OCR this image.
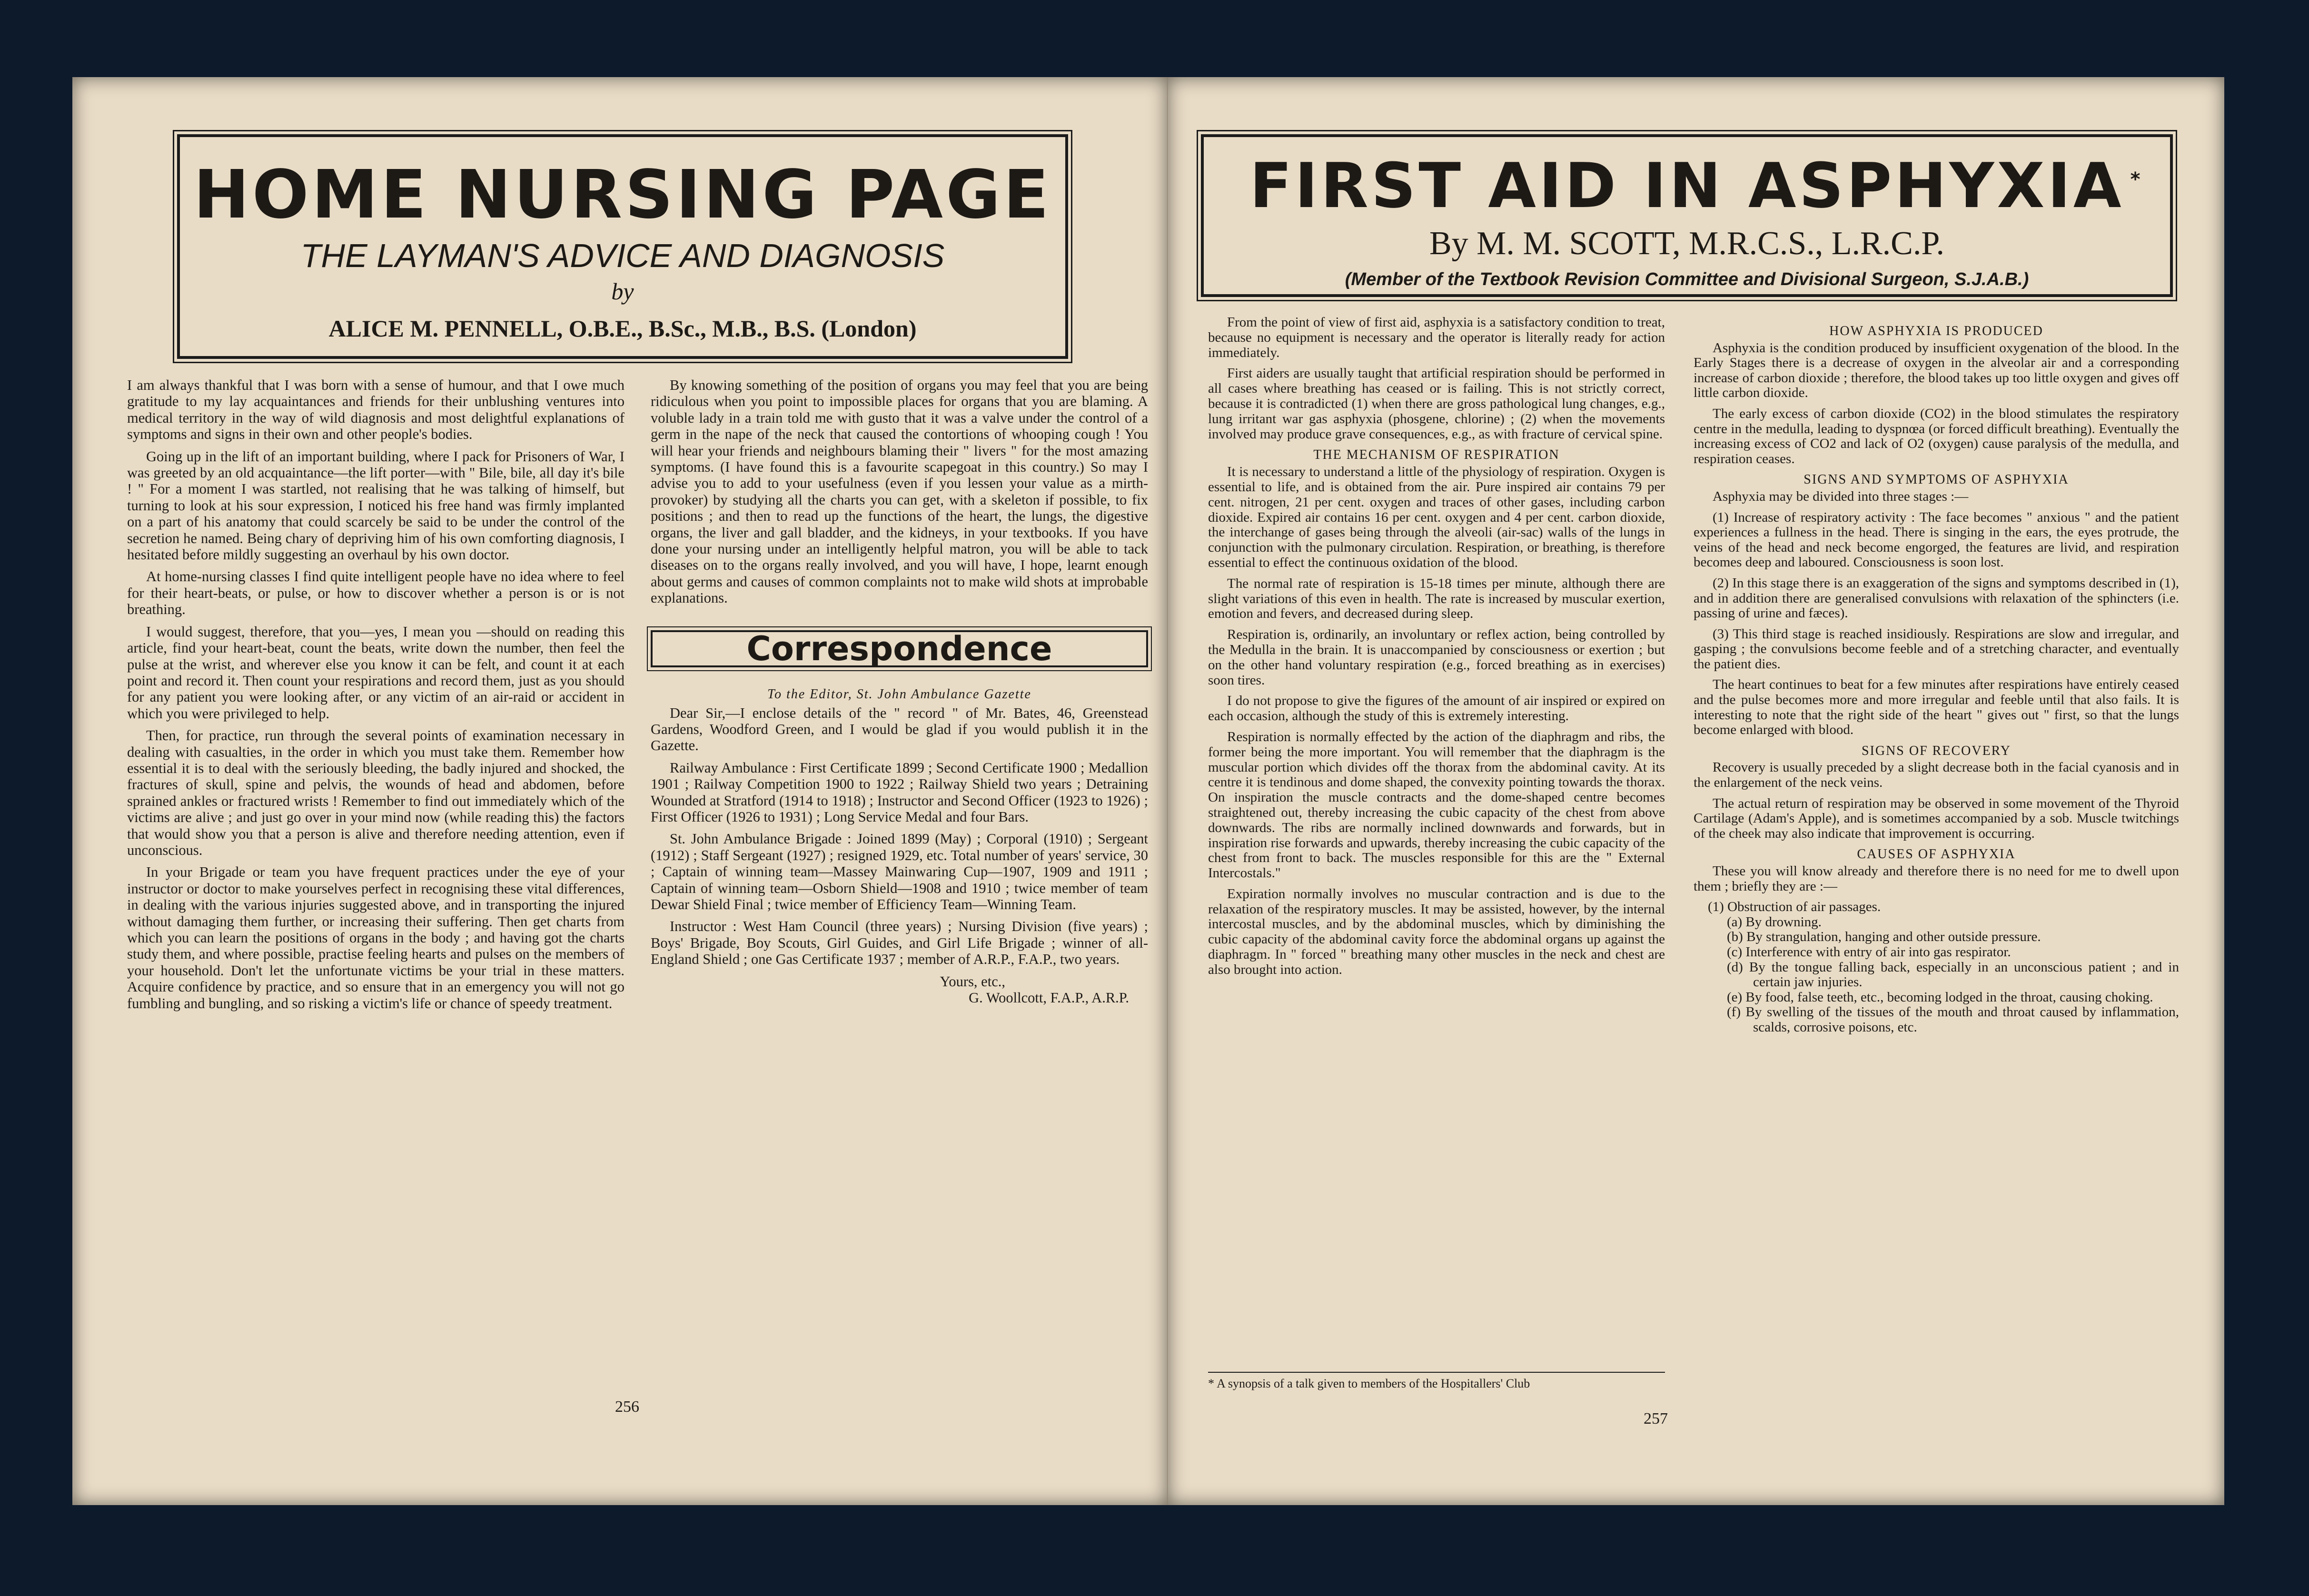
HOME NURSING PAGE
THE LAYMAN'S ADVICE AND DIAGNOSIS
by
ALICE M. PENNELL, O.B.E., B.Sc., M.B., B.S. (London)

I am always thankful that I was born with a sense of humour, and that I owe much gratitude to my lay acquaintances and friends for their unblushing ventures into medical territory in the way of wild diagnosis and most delightful explanations of symptoms and signs in their own and other people's bodies.

Going up in the lift of an important building, where I pack for Prisoners of War, I was greeted by an old acquaintance—the lift porter—with " Bile, bile, all day it's bile ! " For a moment I was startled, not realising that he was talking of himself, but turning to look at his sour expression, I noticed his free hand was firmly implanted on a part of his anatomy that could scarcely be said to be under the control of the secretion he named. Being chary of depriving him of his own comforting diagnosis, I hesitated before mildly suggesting an overhaul by his own doctor.

At home-nursing classes I find quite intelligent people have no idea where to feel for their heart-beats, or pulse, or how to discover whether a person is or is not breathing.

I would suggest, therefore, that you—yes, I mean you —should on reading this article, find your heart-beat, count the beats, write down the number, then feel the pulse at the wrist, and wherever else you know it can be felt, and count it at each point and record it. Then count your respirations and record them, just as you should for any patient you were looking after, or any victim of an air-raid or accident in which you were privileged to help.

Then, for practice, run through the several points of examination necessary in dealing with casualties, in the order in which you must take them. Remember how essential it is to deal with the seriously bleeding, the badly injured and shocked, the fractures of skull, spine and pelvis, the wounds of head and abdomen, before sprained ankles or fractured wrists ! Remember to find out immediately which of the victims are alive ; and just go over in your mind now (while reading this) the factors that would show you that a person is alive and therefore needing attention, even if unconscious.

In your Brigade or team you have frequent practices under the eye of your instructor or doctor to make yourselves perfect in recognising these vital differences, in dealing with the various injuries suggested above, and in transporting the injured without damaging them further, or increasing their suffering. Then get charts from which you can learn the positions of organs in the body ; and having got the charts study them, and where possible, practise feeling hearts and pulses on the members of your household. Don't let the unfortunate victims be your trial in these matters. Acquire confidence by practice, and so ensure that in an emergency you will not go fumbling and bungling, and so risking a victim's life or chance of speedy treatment.

By knowing something of the position of organs you may feel that you are being ridiculous when you point to impossible places for organs that you are blaming. A voluble lady in a train told me with gusto that it was a valve under the control of a germ in the nape of the neck that caused the contortions of whooping cough ! You will hear your friends and neighbours blaming their " livers " for the most amazing symptoms. (I have found this is a favourite scapegoat in this country.) So may I advise you to add to your usefulness (even if you lessen your value as a mirth-provoker) by studying all the charts you can get, with a skeleton if possible, to fix positions ; and then to read up the functions of the heart, the lungs, the digestive organs, the liver and gall bladder, and the kidneys, in your textbooks. If you have done your nursing under an intelligently helpful matron, you will be able to tack diseases on to the organs really involved, and you will have, I hope, learnt enough about germs and causes of common complaints not to make wild shots at improbable explanations.

Correspondence
To the Editor, St. John Ambulance Gazette

Dear Sir,—I enclose details of the " record " of Mr. Bates, 46, Greenstead Gardens, Woodford Green, and I would be glad if you would publish it in the Gazette.

Railway Ambulance : First Certificate 1899 ; Second Certificate 1900 ; Medallion 1901 ; Railway Competition 1900 to 1922 ; Railway Shield two years ; Detraining Wounded at Stratford (1914 to 1918) ; Instructor and Second Officer (1923 to 1926) ; First Officer (1926 to 1931) ; Long Service Medal and four Bars.

St. John Ambulance Brigade : Joined 1899 (May) ; Corporal (1910) ; Sergeant (1912) ; Staff Sergeant (1927) ; resigned 1929, etc. Total number of years' service, 30 ; Captain of winning team—Massey Mainwaring Cup—1907, 1909 and 1911 ; Captain of winning team—Osborn Shield—1908 and 1910 ; twice member of team Dewar Shield Final ; twice member of Efficiency Team—Winning Team.

Instructor : West Ham Council (three years) ; Nursing Division (five years) ; Boys' Brigade, Boy Scouts, Girl Guides, and Girl Life Brigade ; winner of all-England Shield ; one Gas Certificate 1937 ; member of A.R.P., F.A.P., two years.

Yours, etc.,
G. Woollcott, F.A.P., A.R.P.
256
FIRST AID IN ASPHYXIA *
By M. M. SCOTT, M.R.C.S., L.R.C.P.
(Member of the Textbook Revision Committee and Divisional Surgeon, S.J.A.B.)

From the point of view of first aid, asphyxia is a satisfactory condition to treat, because no equipment is necessary and the operator is literally ready for action immediately.

First aiders are usually taught that artificial respiration should be performed in all cases where breathing has ceased or is failing. This is not strictly correct, because it is contradicted (1) when there are gross pathological lung changes, e.g., lung irritant war gas asphyxia (phosgene, chlorine) ; (2) when the movements involved may produce grave consequences, e.g., as with fracture of cervical spine.

THE MECHANISM OF RESPIRATION

It is necessary to understand a little of the physiology of respiration. Oxygen is essential to life, and is obtained from the air. Pure inspired air contains 79 per cent. nitrogen, 21 per cent. oxygen and traces of other gases, including carbon dioxide. Expired air contains 16 per cent. oxygen and 4 per cent. carbon dioxide, the interchange of gases being through the alveoli (air-sac) walls of the lungs in conjunction with the pulmonary circulation. Respiration, or breathing, is therefore essential to effect the continuous oxidation of the blood.

The normal rate of respiration is 15-18 times per minute, although there are slight variations of this even in health. The rate is increased by muscular exertion, emotion and fevers, and decreased during sleep.

Respiration is, ordinarily, an involuntary or reflex action, being controlled by the Medulla in the brain. It is unaccompanied by consciousness or exertion ; but on the other hand voluntary respiration (e.g., forced breathing as in exercises) soon tires.

I do not propose to give the figures of the amount of air inspired or expired on each occasion, although the study of this is extremely interesting.

Respiration is normally effected by the action of the diaphragm and ribs, the former being the more important. You will remember that the diaphragm is the muscular portion which divides off the thorax from the abdominal cavity. At its centre it is tendinous and dome shaped, the convexity pointing towards the thorax. On inspiration the muscle contracts and the dome-shaped centre becomes straightened out, thereby increasing the cubic capacity of the chest from above downwards. The ribs are normally inclined downwards and forwards, but in inspiration rise forwards and upwards, thereby increasing the cubic capacity of the chest from front to back. The muscles responsible for this are the " External Intercostals."

Expiration normally involves no muscular contraction and is due to the relaxation of the respiratory muscles. It may be assisted, however, by the internal intercostal muscles, and by the abdominal muscles, which by diminishing the cubic capacity of the abdominal cavity force the abdominal organs up against the diaphragm. In " forced " breathing many other muscles in the neck and chest are also brought into action.

* A synopsis of a talk given to members of the Hospitallers' Club
HOW ASPHYXIA IS PRODUCED

Asphyxia is the condition produced by insufficient oxygenation of the blood. In the Early Stages there is a decrease of oxygen in the alveolar air and a corresponding increase of carbon dioxide ; therefore, the blood takes up too little oxygen and gives off little carbon dioxide.

The early excess of carbon dioxide (CO2) in the blood stimulates the respiratory centre in the medulla, leading to dyspnœa (or forced difficult breathing). Eventually the increasing excess of CO2 and lack of O2 (oxygen) cause paralysis of the medulla, and respiration ceases.

SIGNS AND SYMPTOMS OF ASPHYXIA

Asphyxia may be divided into three stages :—

(1) Increase of respiratory activity : The face becomes " anxious " and the patient experiences a fullness in the head. There is singing in the ears, the eyes protrude, the veins of the head and neck become engorged, the features are livid, and respiration becomes deep and laboured. Consciousness is soon lost.

(2) In this stage there is an exaggeration of the signs and symptoms described in (1), and in addition there are generalised convulsions with relaxation of the sphincters (i.e. passing of urine and fæces).

(3) This third stage is reached insidiously. Respirations are slow and irregular, and gasping ; the convulsions become feeble and of a stretching character, and eventually the patient dies.

The heart continues to beat for a few minutes after respirations have entirely ceased and the pulse becomes more and more irregular and feeble until that also fails. It is interesting to note that the right side of the heart " gives out " first, so that the lungs become enlarged with blood.

SIGNS OF RECOVERY

Recovery is usually preceded by a slight decrease both in the facial cyanosis and in the enlargement of the neck veins.

The actual return of respiration may be observed in some movement of the Thyroid Cartilage (Adam's Apple), and is sometimes accompanied by a sob. Muscle twitchings of the cheek may also indicate that improvement is occurring.

CAUSES OF ASPHYXIA

These you will know already and therefore there is no need for me to dwell upon them ; briefly they are :—

(1) Obstruction of air passages.
(a) By drowning.
(b) By strangulation, hanging and other outside pressure.
(c) Interference with entry of air into gas respirator.
(d) By the tongue falling back, especially in an unconscious patient ; and in certain jaw injuries.
(e) By food, false teeth, etc., becoming lodged in the throat, causing choking.
(f) By swelling of the tissues of the mouth and throat caused by inflammation, scalds, corrosive poisons, etc.
257
